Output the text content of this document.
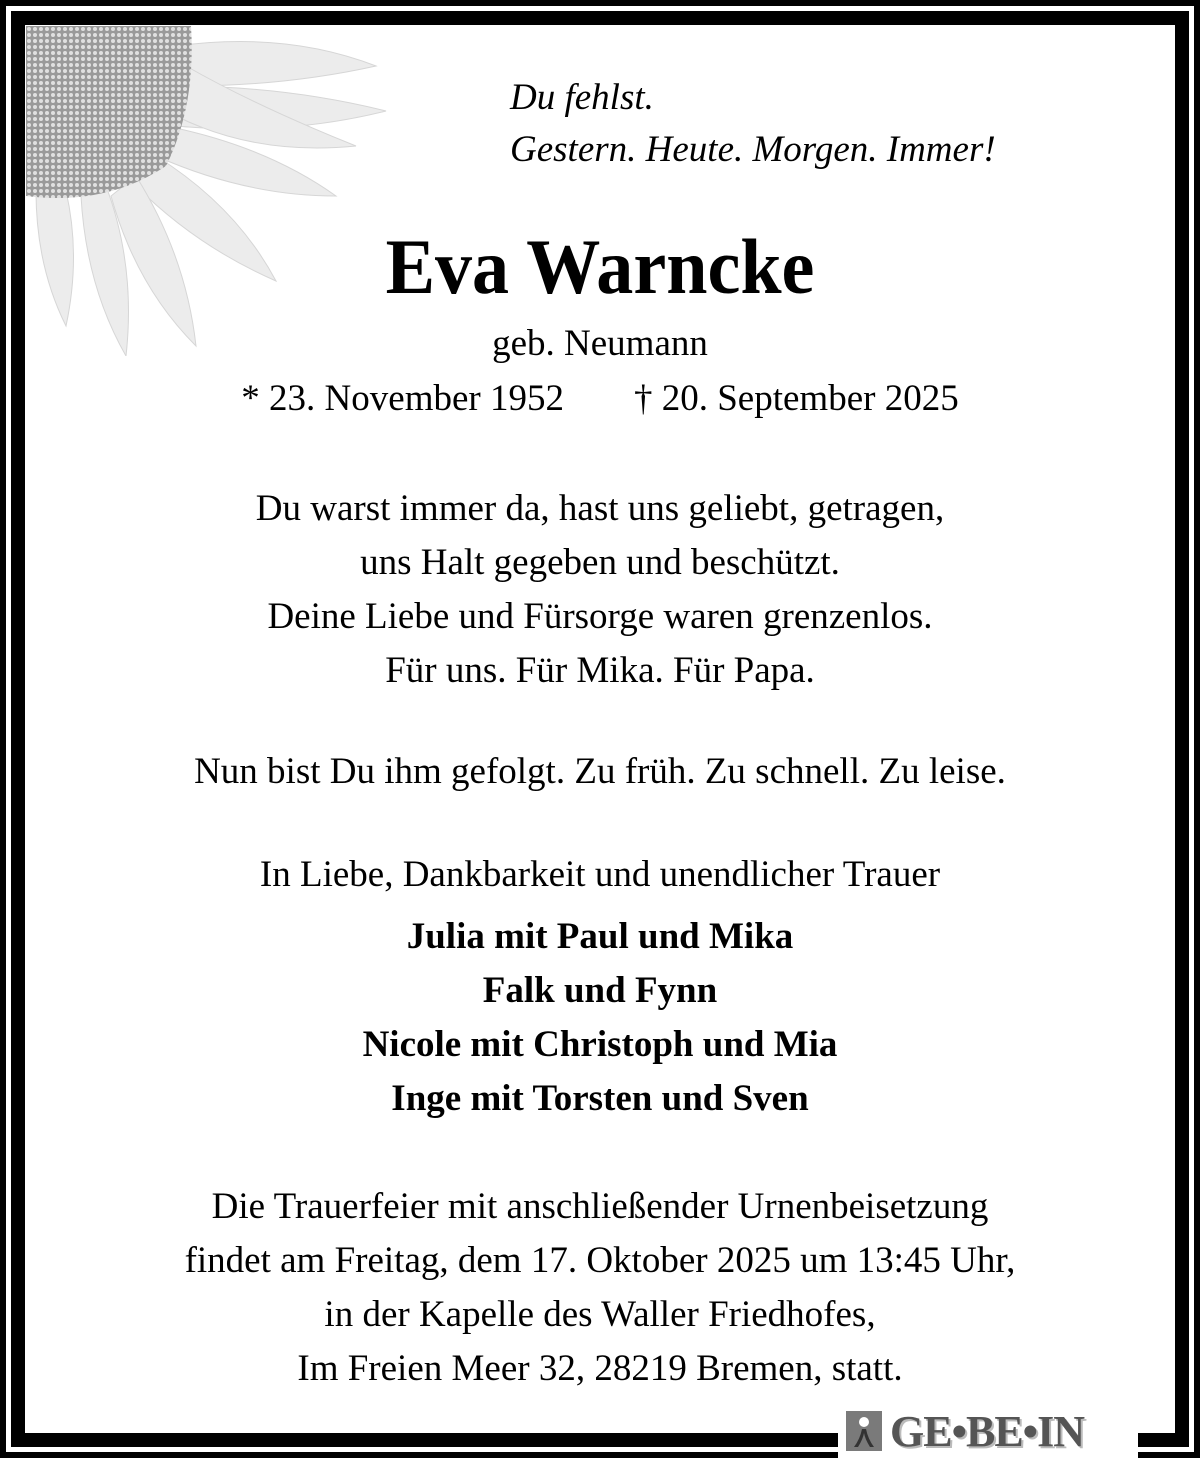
Du fehlst.
Gestern. Heute. Morgen. Immer!
Eva Warncke
geb. Neumann
* 23. November 1952 † 20. September 2025
Du warst immer da, hast uns geliebt, getragen,
uns Halt gegeben und beschützt.
Deine Liebe und Fürsorge waren grenzenlos.
Für uns. Für Mika. Für Papa.
Nun bist Du ihm gefolgt. Zu früh. Zu schnell. Zu leise.
In Liebe, Dankbarkeit und unendlicher Trauer
Julia mit Paul und Mika
Falk und Fynn
Nicole mit Christoph und Mia
Inge mit Torsten und Sven
Die Trauerfeier mit anschließender Urnenbeisetzung
findet am Freitag, dem 17. Oktober 2025 um 13:45 Uhr,
in der Kapelle des Waller Friedhofes,
Im Freien Meer 32, 28219 Bremen, statt.
GE•BE•IN
